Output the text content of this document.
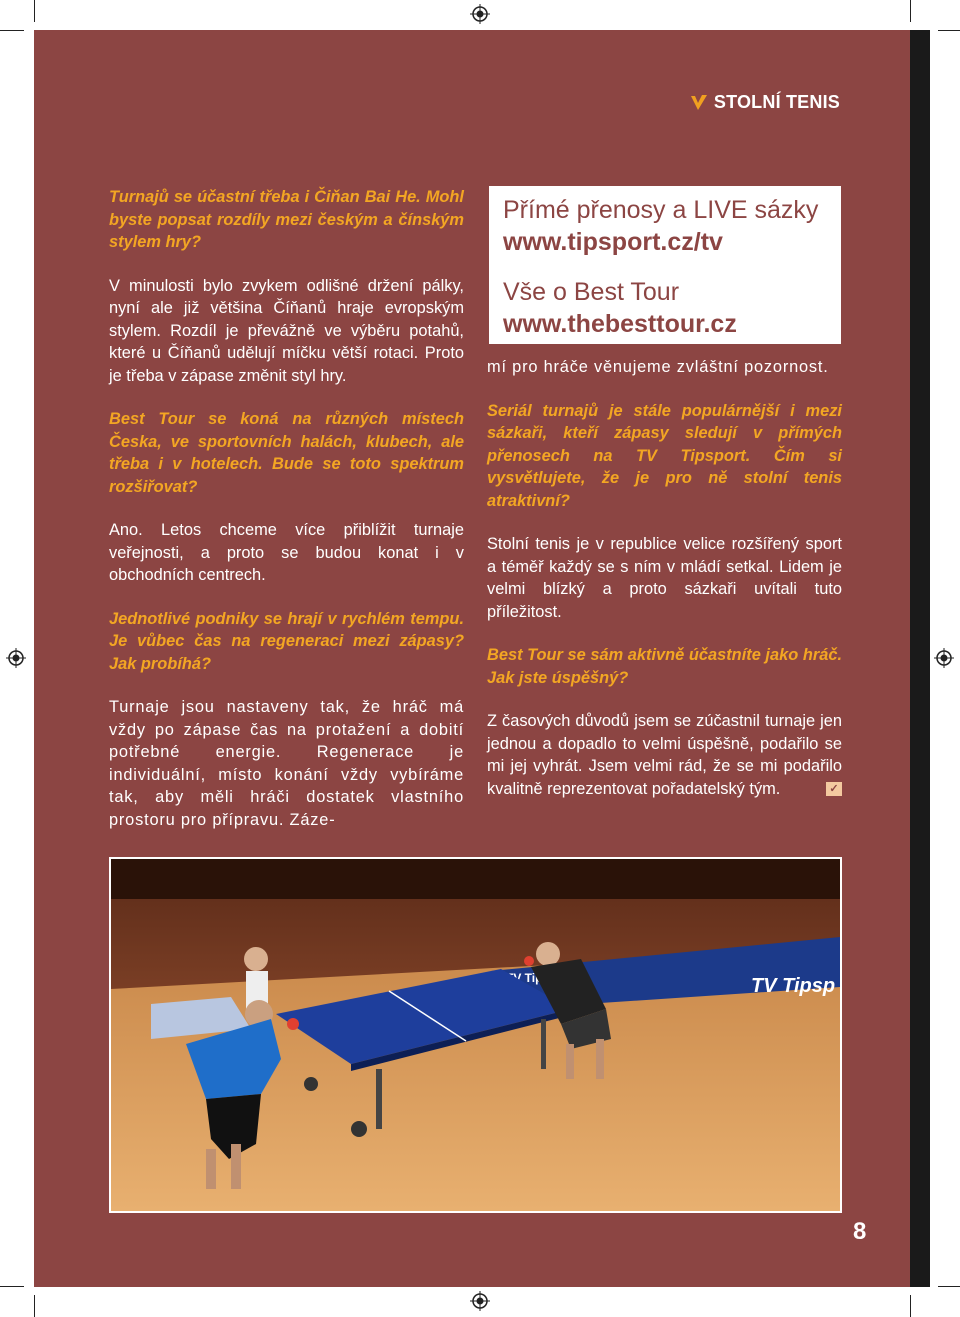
STOLNÍ TENIS

Turnajů se účastní třeba i Čiňan Bai He. Mohl byste popsat rozdíly mezi českým a čínským stylem hry?

V minulosti bylo zvykem odlišné držení pálky, nyní ale již většina Číňanů hraje evropským stylem. Rozdíl je převážně ve výběru potahů, které u Číňanů udělují míčku větší rotaci. Proto je třeba v zápase změnit styl hry.

Best Tour se koná na různých místech Česka, ve sportovních halách, klubech, ale třeba i v hotelech. Bude se toto spektrum rozšiřovat?

Ano. Letos chceme více přiblížit turnaje veřejnosti, a proto se budou konat i v obchodních centrech.

Jednotlivé podniky se hrají v rychlém tempu. Je vůbec čas na regeneraci mezi zápasy? Jak probíhá?

Turnaje jsou nastaveny tak, že hráč má vždy po zápase čas na protažení a dobití potřebné energie. Regenerace je individuální, místo konání vždy vybíráme tak, aby měli hráči dostatek vlastního prostoru pro přípravu. Záze-

Přímé přenosy a LIVE sázky
www.tipsport.cz/tv
Vše o Best Tour
www.thebesttour.cz

mí pro hráče věnujeme zvláštní pozornost.

Seriál turnajů je stále populárnější i mezi sázkaři, kteří zápasy sledují v přímých přenosech na TV Tipsport. Čím si vysvětlujete, že je pro ně stolní tenis atraktivní?

Stolní tenis je v republice velice rozšířený sport a téměř každý se s ním v mládí setkal. Lidem je velmi blízký a proto sázkaři uvítali tuto příležitost.

Best Tour se sám aktivně účastníte jako hráč. Jak jste úspěšný?

Z časových důvodů jsem se zúčastnil turnaje jen jednou a dopadlo to velmi úspěšně, podařilo se mi jej vyhrát. Jsem velmi rád, že se mi podařilo kvalitně reprezentovat pořadatelský tým.	✓

TV Tipsp
8
